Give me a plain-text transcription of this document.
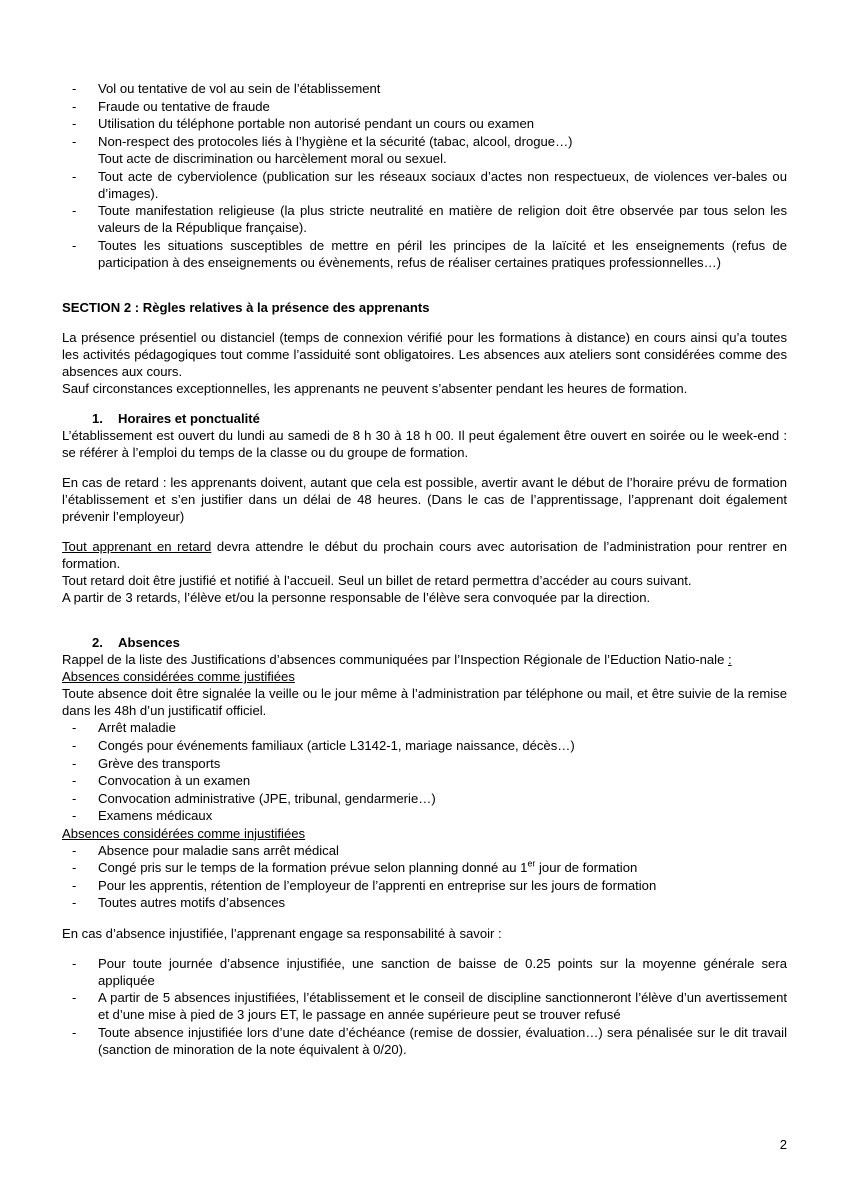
- Vol ou tentative de vol au sein de l’établissement
- Fraude ou tentative de fraude
- Utilisation du téléphone portable non autorisé pendant un cours ou examen
- Non-respect des protocoles liés à l’hygiène et la sécurité (tabac, alcool, drogue…)
Tout acte de discrimination ou harcèlement moral ou sexuel.
- Tout acte de cyberviolence (publication sur les réseaux sociaux d’actes non respectueux, de violences ver-bales ou d’images).
- Toute manifestation religieuse (la plus stricte neutralité en matière de religion doit être observée par tous selon les valeurs de la République française).
- Toutes les situations susceptibles de mettre en péril les principes de la laïcité et les enseignements (refus de participation à des enseignements ou évènements, refus de réaliser certaines pratiques professionnelles…)

SECTION 2 : Règles relatives à la présence des apprenants

La présence présentiel ou distanciel (temps de connexion vérifié pour les formations à distance) en cours ainsi qu’a toutes les activités pédagogiques tout comme l’assiduité sont obligatoires. Les absences aux ateliers sont considérées comme des absences aux cours.

Sauf circonstances exceptionnelles, les apprenants ne peuvent s’absenter pendant les heures de formation.

1. Horaires et ponctualité

L’établissement est ouvert du lundi au samedi de 8 h 30 à 18 h 00. Il peut également être ouvert en soirée ou le week-end : se référer à l’emploi du temps de la classe ou du groupe de formation.

En cas de retard : les apprenants doivent, autant que cela est possible, avertir avant le début de l’horaire prévu de formation l’établissement et s’en justifier dans un délai de 48 heures. (Dans le cas de l’apprentissage, l’apprenant doit également prévenir l’employeur)

Tout apprenant en retard devra attendre le début du prochain cours avec autorisation de l’administration pour rentrer en formation.

Tout retard doit être justifié et notifié à l’accueil. Seul un billet de retard permettra d’accéder au cours suivant.

A partir de 3 retards, l’élève et/ou la personne responsable de l’élève sera convoquée par la direction.

2. Absences

Rappel de la liste des Justifications d’absences communiquées par l’Inspection Régionale de l’Eduction Natio-nale :

Absences considérées comme justifiées

Toute absence doit être signalée la veille ou le jour même à l’administration par téléphone ou mail, et être suivie de la remise dans les 48h d’un justificatif officiel.

- Arrêt maladie
- Congés pour événements familiaux (article L3142-1, mariage naissance, décès…)
- Grève des transports
- Convocation à un examen
- Convocation administrative (JPE, tribunal, gendarmerie…)
- Examens médicaux

Absences considérées comme injustifiées

- Absence pour maladie sans arrêt médical
- Congé pris sur le temps de la formation prévue selon planning donné au 1er jour de formation
- Pour les apprentis, rétention de l’employeur de l’apprenti en entreprise sur les jours de formation
- Toutes autres motifs d’absences

En cas d’absence injustifiée, l’apprenant engage sa responsabilité à savoir :

- Pour toute journée d’absence injustifiée, une sanction de baisse de 0.25 points sur la moyenne générale sera appliquée
- A partir de 5 absences injustifiées, l’établissement et le conseil de discipline sanctionneront l’élève d’un avertissement et d’une mise à pied de 3 jours ET, le passage en année supérieure peut se trouver refusé
- Toute absence injustifiée lors d’une date d’échéance (remise de dossier, évaluation…) sera pénalisée sur le dit travail (sanction de minoration de la note équivalent à 0/20).
2
